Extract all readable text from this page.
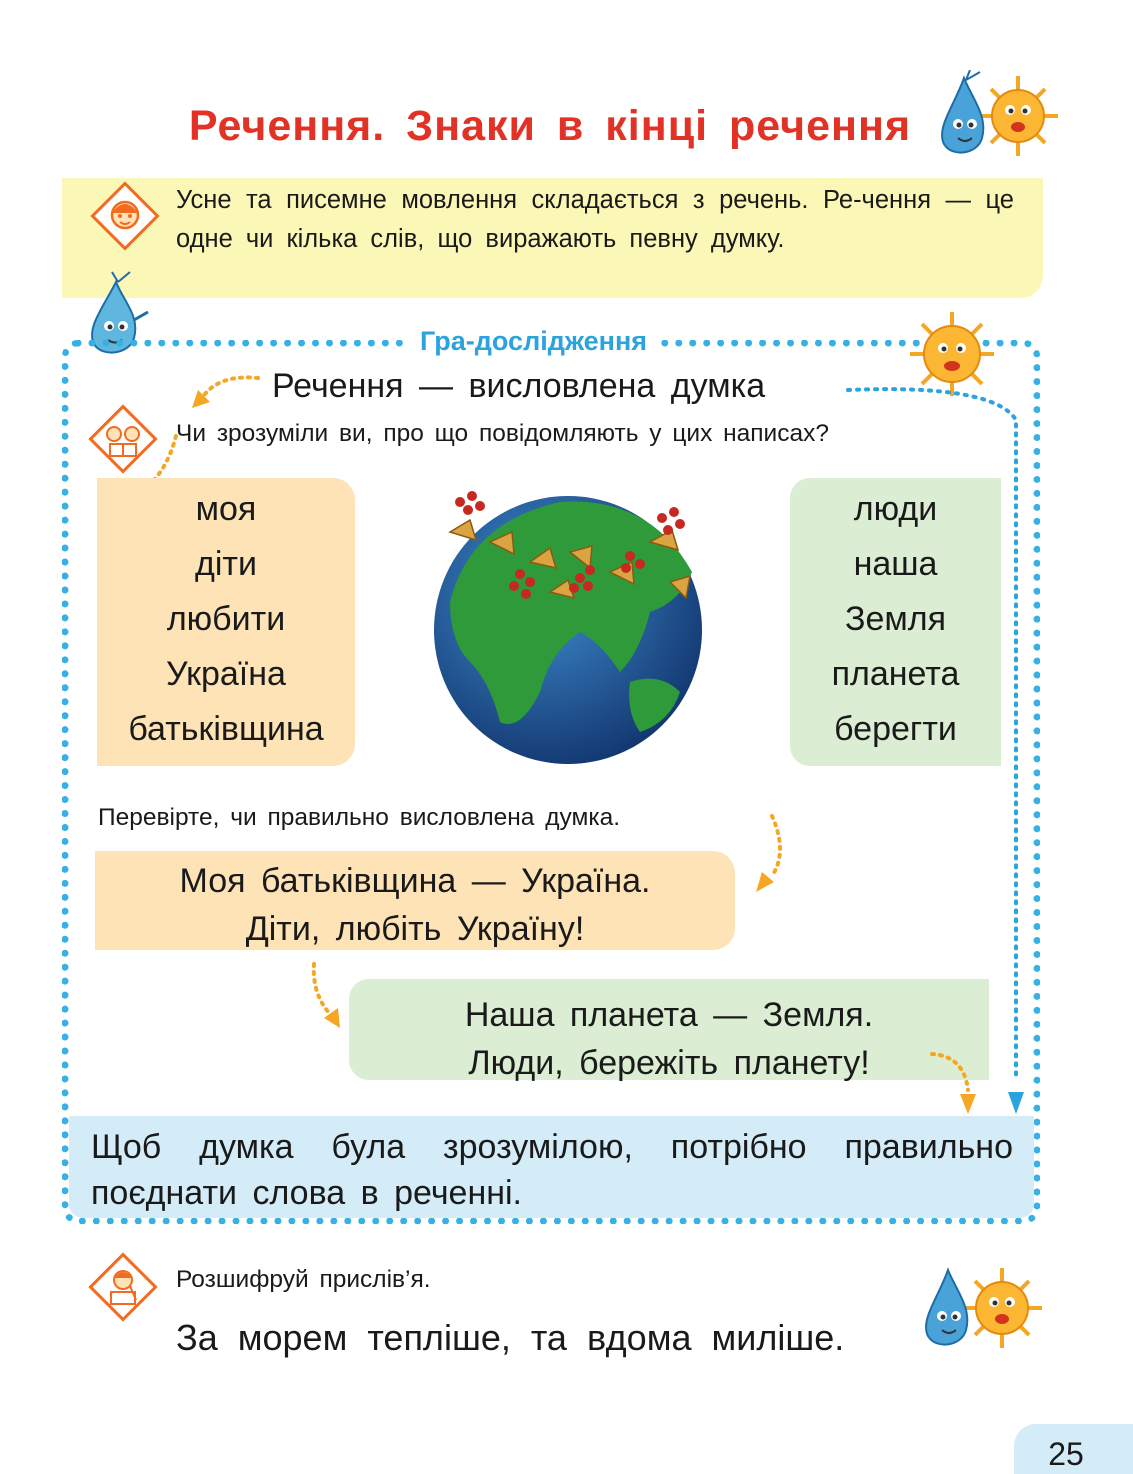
Речення. Знаки в кінці речення
Усне та писемне мовлення складається з речень. Ре-чення — це одне чи кілька слів, що виражають певну думку.
Гра-дослідження
Речення — висловлена думка
Чи зрозуміли ви, про що повідомляють у цих написах?
моя
діти
любити
Україна
батьківщина
люди
наша
Земля
планета
берегти
Перевірте, чи правильно висловлена думка.
Моя батьківщина — Україна.
Діти, любіть Україну!
Наша планета — Земля.
Люди, бережіть планету!
Щоб думка була зрозумілою, потрібно правильно поєднати слова в реченні.
Розшифруй прислів’я.
За морем тепліше, та вдома миліше.
25
